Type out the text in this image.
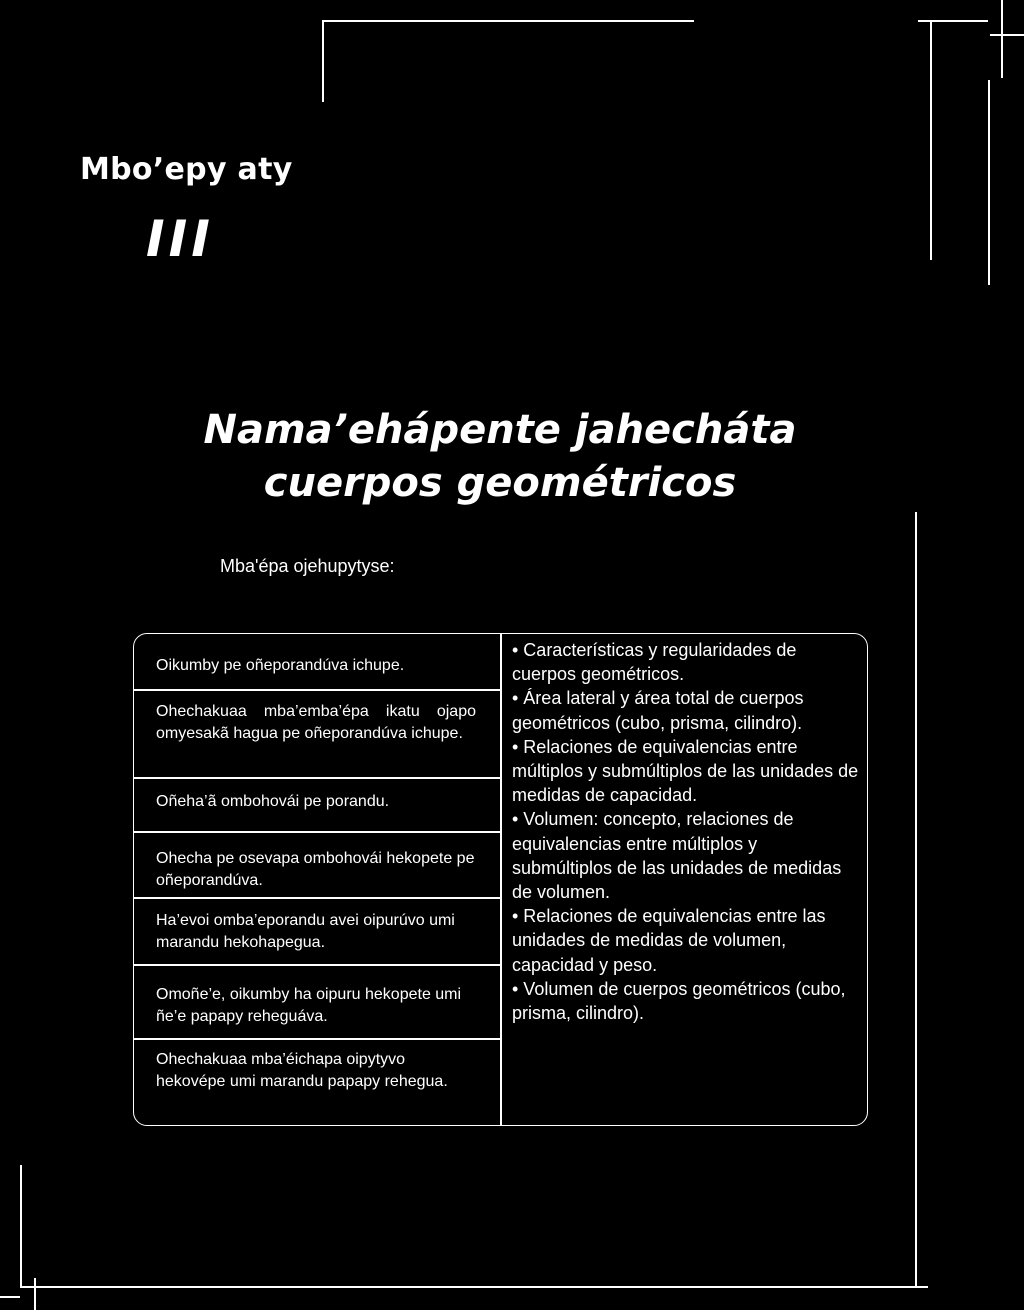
Mbo’epy aty
III
Nama’ehápente jahecháta
cuerpos geométricos
Mba'épa ojehupytyse:
Oikumby pe oñeporandúva ichupe.
Ohechakuaa mba’emba’épa ikatu ojapo omyesakã hagua pe oñeporandúva ichupe.
Oñeha’ã ombohovái pe porandu.
Ohecha pe osevapa ombohovái hekopete pe oñeporandúva.
Ha’evoi omba’eporandu avei oipurúvo umi marandu hekohapegua.
Omoñe’e, oikumby ha oipuru hekopete umi ñe’e papapy reheguáva.
Ohechakuaa mba’éichapa oipytyvo hekovépe umi marandu papapy rehegua.
• Características y regularidades de cuerpos geométricos.
• Área lateral y área total de cuerpos geométricos (cubo, prisma, cilindro).
• Relaciones de equivalencias entre múltiplos y submúltiplos de las unidades de medidas de capacidad.
• Volumen: concepto, relaciones de equivalencias entre múltiplos y submúltiplos de las unidades de medidas de volumen.
• Relaciones de equivalencias entre las unidades de medidas de volumen, capacidad y peso.
• Volumen de cuerpos geométricos (cubo, prisma, cilindro).
